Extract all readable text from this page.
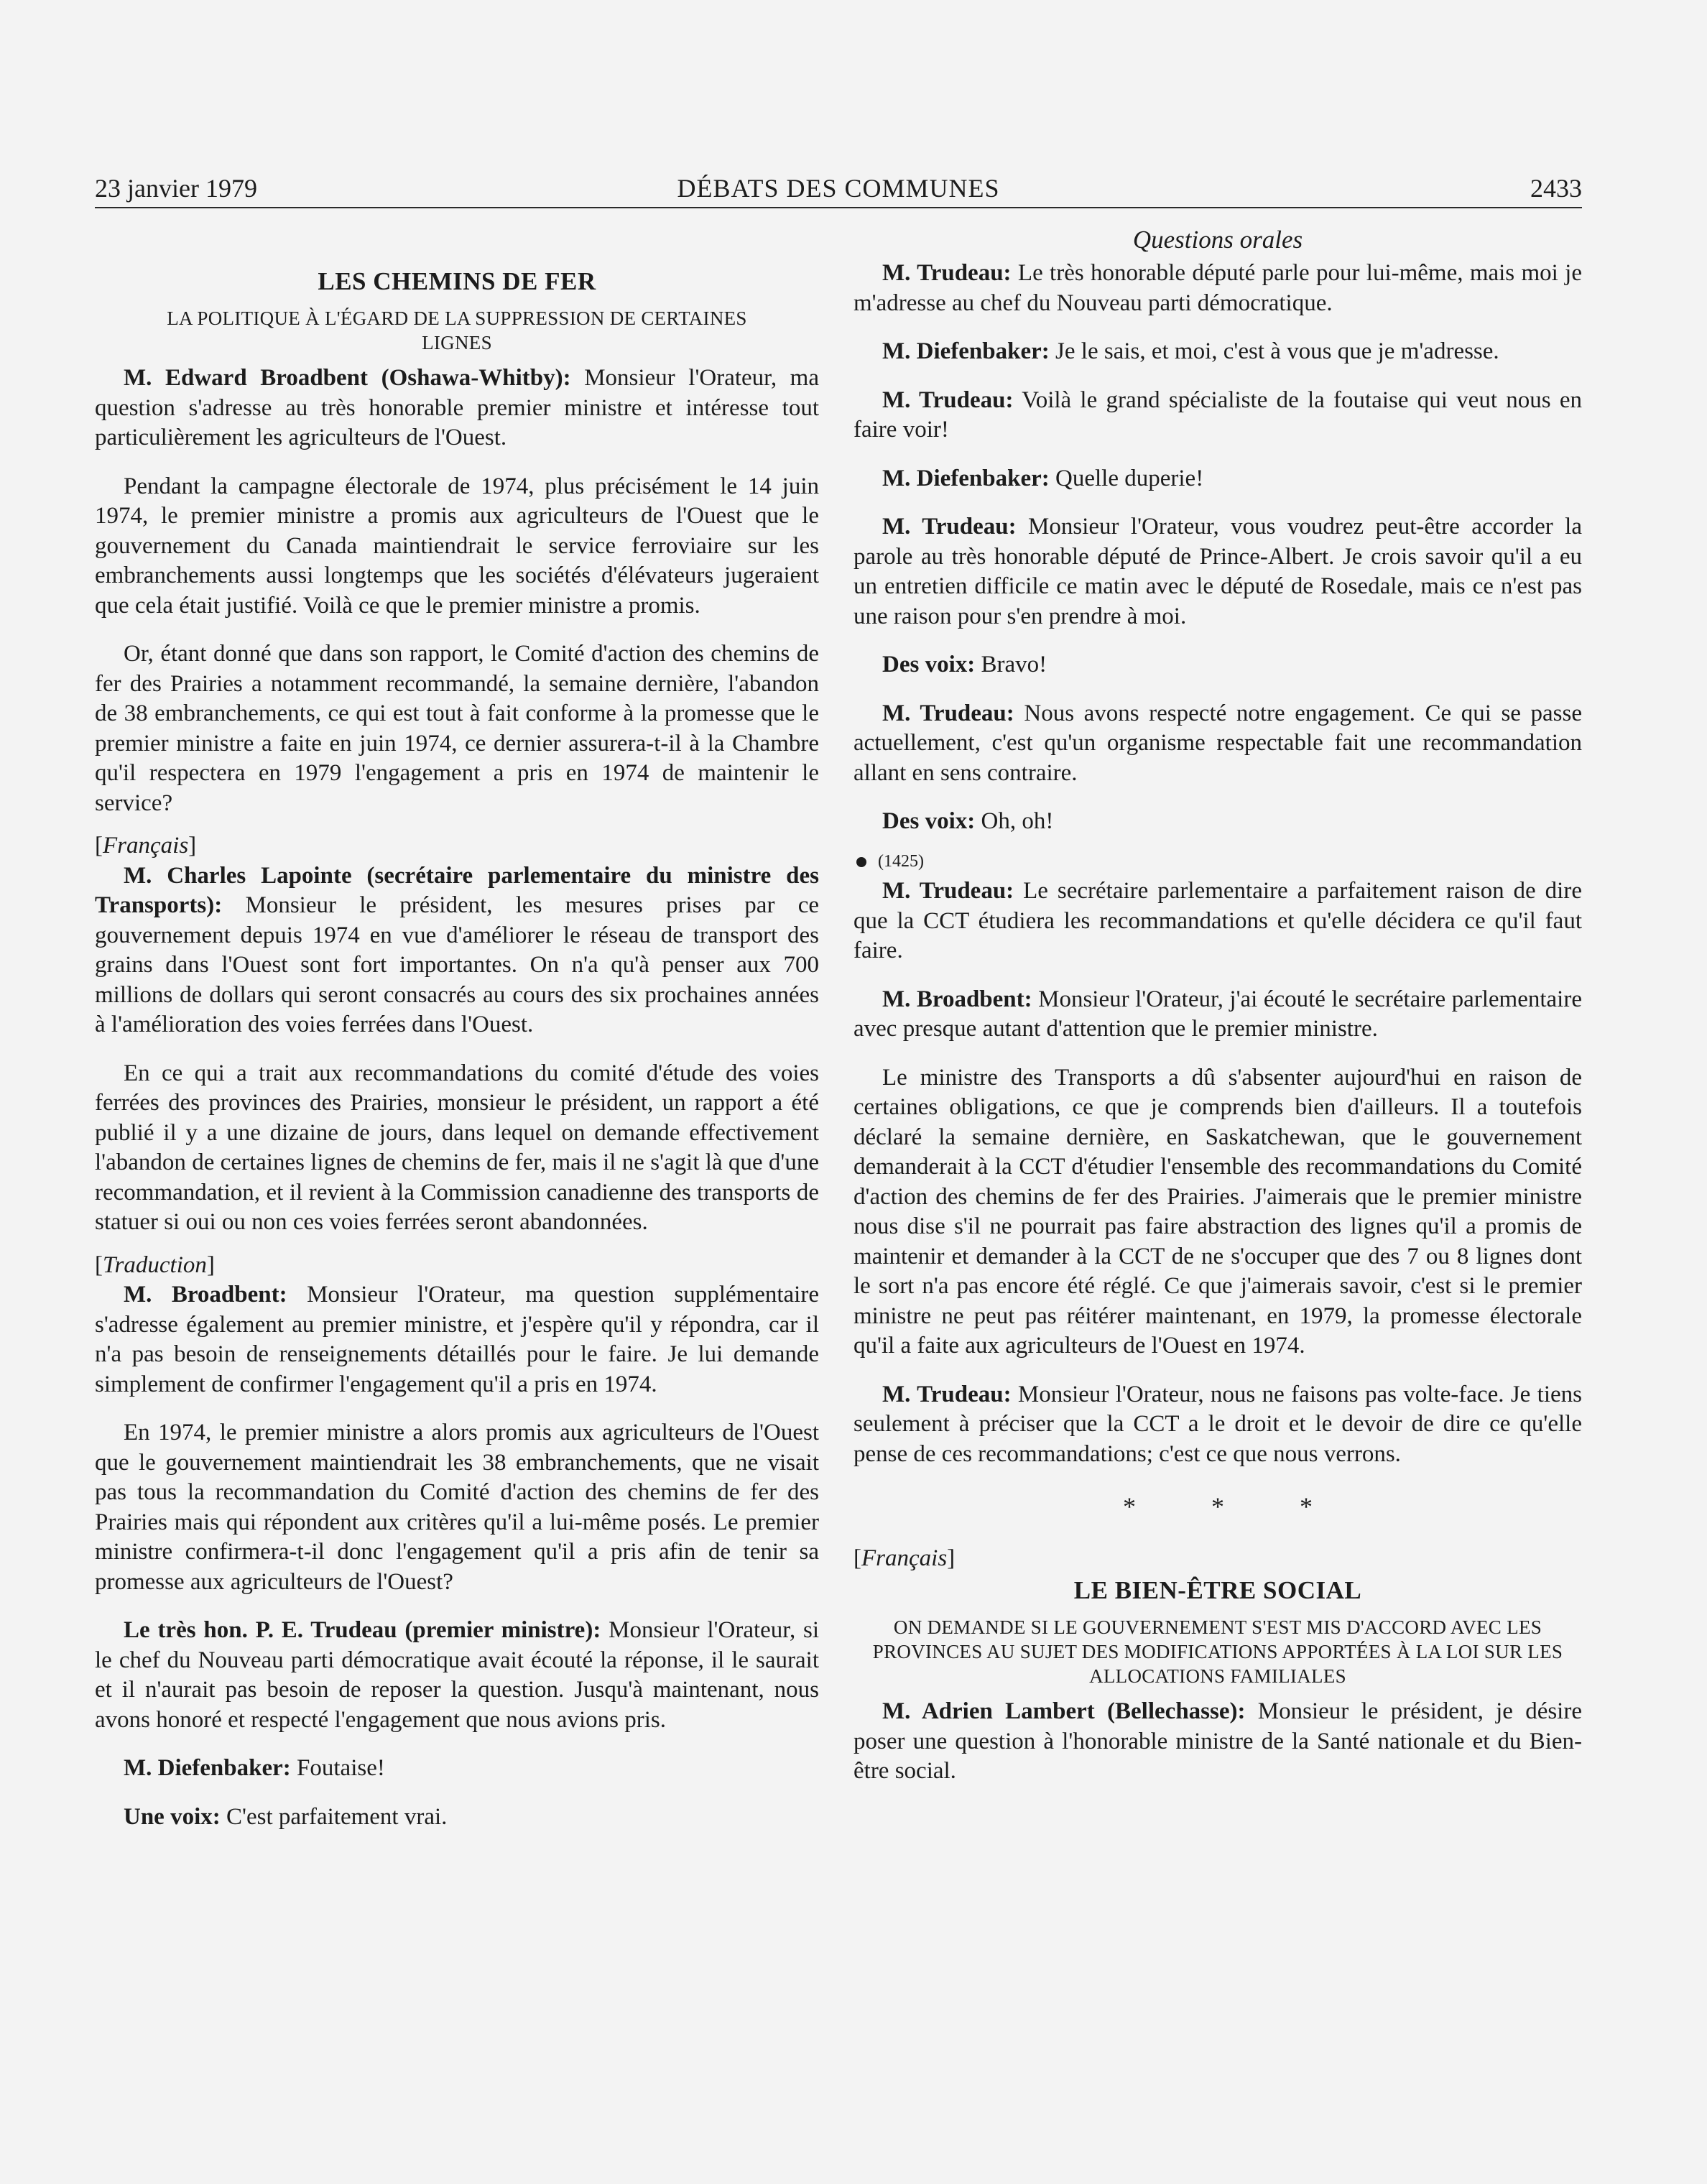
23 janvier 1979	DÉBATS DES COMMUNES	2433
LES CHEMINS DE FER
LA POLITIQUE À L'ÉGARD DE LA SUPPRESSION DE CERTAINES LIGNES

M. Edward Broadbent (Oshawa-Whitby): Monsieur l'Orateur, ma question s'adresse au très honorable premier ministre et intéresse tout particulièrement les agriculteurs de l'Ouest.

Pendant la campagne électorale de 1974, plus précisément le 14 juin 1974, le premier ministre a promis aux agriculteurs de l'Ouest que le gouvernement du Canada maintiendrait le service ferroviaire sur les embranchements aussi longtemps que les sociétés d'élévateurs jugeraient que cela était justifié. Voilà ce que le premier ministre a promis.

Or, étant donné que dans son rapport, le Comité d'action des chemins de fer des Prairies a notamment recommandé, la semaine dernière, l'abandon de 38 embranchements, ce qui est tout à fait conforme à la promesse que le premier ministre a faite en juin 1974, ce dernier assurera-t-il à la Chambre qu'il respectera en 1979 l'engagement a pris en 1974 de maintenir le service?

[Français]

M. Charles Lapointe (secrétaire parlementaire du ministre des Transports): Monsieur le président, les mesures prises par ce gouvernement depuis 1974 en vue d'améliorer le réseau de transport des grains dans l'Ouest sont fort importantes. On n'a qu'à penser aux 700 millions de dollars qui seront consacrés au cours des six prochaines années à l'amélioration des voies ferrées dans l'Ouest.

En ce qui a trait aux recommandations du comité d'étude des voies ferrées des provinces des Prairies, monsieur le président, un rapport a été publié il y a une dizaine de jours, dans lequel on demande effectivement l'abandon de certaines lignes de chemins de fer, mais il ne s'agit là que d'une recommandation, et il revient à la Commission canadienne des transports de statuer si oui ou non ces voies ferrées seront abandonnées.

[Traduction]

M. Broadbent: Monsieur l'Orateur, ma question supplémentaire s'adresse également au premier ministre, et j'espère qu'il y répondra, car il n'a pas besoin de renseignements détaillés pour le faire. Je lui demande simplement de confirmer l'engagement qu'il a pris en 1974.

En 1974, le premier ministre a alors promis aux agriculteurs de l'Ouest que le gouvernement maintiendrait les 38 embranchements, que ne visait pas tous la recommandation du Comité d'action des chemins de fer des Prairies mais qui répondent aux critères qu'il a lui-même posés. Le premier ministre confirmera-t-il donc l'engagement qu'il a pris afin de tenir sa promesse aux agriculteurs de l'Ouest?

Le très hon. P. E. Trudeau (premier ministre): Monsieur l'Orateur, si le chef du Nouveau parti démocratique avait écouté la réponse, il le saurait et il n'aurait pas besoin de reposer la question. Jusqu'à maintenant, nous avons honoré et respecté l'engagement que nous avions pris.

M. Diefenbaker: Foutaise!

Une voix: C'est parfaitement vrai.

Questions orales

M. Trudeau: Le très honorable député parle pour lui-même, mais moi je m'adresse au chef du Nouveau parti démocratique.

M. Diefenbaker: Je le sais, et moi, c'est à vous que je m'adresse.

M. Trudeau: Voilà le grand spécialiste de la foutaise qui veut nous en faire voir!

M. Diefenbaker: Quelle duperie!

M. Trudeau: Monsieur l'Orateur, vous voudrez peut-être accorder la parole au très honorable député de Prince-Albert. Je crois savoir qu'il a eu un entretien difficile ce matin avec le député de Rosedale, mais ce n'est pas une raison pour s'en prendre à moi.

Des voix: Bravo!

M. Trudeau: Nous avons respecté notre engagement. Ce qui se passe actuellement, c'est qu'un organisme respectable fait une recommandation allant en sens contraire.

Des voix: Oh, oh!

(1425)

M. Trudeau: Le secrétaire parlementaire a parfaitement raison de dire que la CCT étudiera les recommandations et qu'elle décidera ce qu'il faut faire.

M. Broadbent: Monsieur l'Orateur, j'ai écouté le secrétaire parlementaire avec presque autant d'attention que le premier ministre.

Le ministre des Transports a dû s'absenter aujourd'hui en raison de certaines obligations, ce que je comprends bien d'ailleurs. Il a toutefois déclaré la semaine dernière, en Saskatchewan, que le gouvernement demanderait à la CCT d'étudier l'ensemble des recommandations du Comité d'action des chemins de fer des Prairies. J'aimerais que le premier ministre nous dise s'il ne pourrait pas faire abstraction des lignes qu'il a promis de maintenir et demander à la CCT de ne s'occuper que des 7 ou 8 lignes dont le sort n'a pas encore été réglé. Ce que j'aimerais savoir, c'est si le premier ministre ne peut pas réitérer maintenant, en 1979, la promesse électorale qu'il a faite aux agriculteurs de l'Ouest en 1974.

M. Trudeau: Monsieur l'Orateur, nous ne faisons pas volte-face. Je tiens seulement à préciser que la CCT a le droit et le devoir de dire ce qu'elle pense de ces recommandations; c'est ce que nous verrons.

* * *

[Français]

LE BIEN-ÊTRE SOCIAL
ON DEMANDE SI LE GOUVERNEMENT S'EST MIS D'ACCORD AVEC LES PROVINCES AU SUJET DES MODIFICATIONS APPORTÉES À LA LOI SUR LES ALLOCATIONS FAMILIALES

M. Adrien Lambert (Bellechasse): Monsieur le président, je désire poser une question à l'honorable ministre de la Santé nationale et du Bien-être social.
